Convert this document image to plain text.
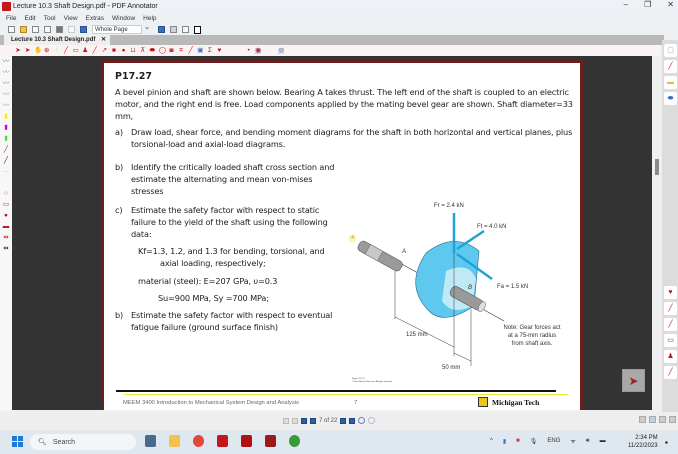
Lecture 10.3 Shaft Design.pdf - PDF Annotator	– ❐ ✕
File Edit Tool View Extras Window Help
Whole Page ⌄
Lecture 10.3 Shaft Design.pdf ✕
➤ ➤ ✋ ⊕ /	╱ ▭ ♟ ╱ ↗ ■ ● ⊔ ⊼ ⬬ ◯ ◙ ⌗ ╱ ▣ Σ ♥	• ◉	⊖
〰
〰
〰
〰
〰
▮
▮
▮
╱
╱
—
—
○
▭
●
▬
⇹
⇹
P17.27
A bevel pinion and shaft are shown below. Bearing A takes thrust. The left end of the shaft is coupled to an electric motor, and the right end is free. Load components applied by the mating bevel gear are shown. Shaft diameter=33 mm,
a) Draw load, shear force, and bending moment diagrams for the shaft in both horizontal and vertical planes, plus torsional-load and axial-load diagrams.
b) Identify the critically loaded shaft cross section and estimate the alternating and mean von-mises stresses
c)	Estimate the safety factor with respect to static failure to the yield of the shaft using the following data:
Kf=1.3, 1.2, and 1.3 for bending, torsional, and
axial loading, respectively;
material (steel): E=207 GPa, υ=0.3
Su=900 MPa, Sy =700 MPa;
b) Estimate the safety factor with respect to eventual fatigue failure (ground surface finish)
4
Fr = 2.4 kN
Ft = 4.0 kN
Fa = 1.5 kN
A
B
125 mm
50 mm
Note: Gear forces act
at a 75-mm radius
from shaft axis.
Figure P17.27
© John Wiley & Sons, Inc. All rights reserved.
MEEM 3400 Introduction to Mechanical System Design and Analysis	7	Michigan Tech
➤
▢
╱
▬
⬬
♥
╱
╱
▭
♟
╱
7 of 22
🔍︎ Search	^ ▮ ■ 🎙︎ ENG ᯤ 🔊︎ ▬	2:34 PM
11/22/2023 ▪
